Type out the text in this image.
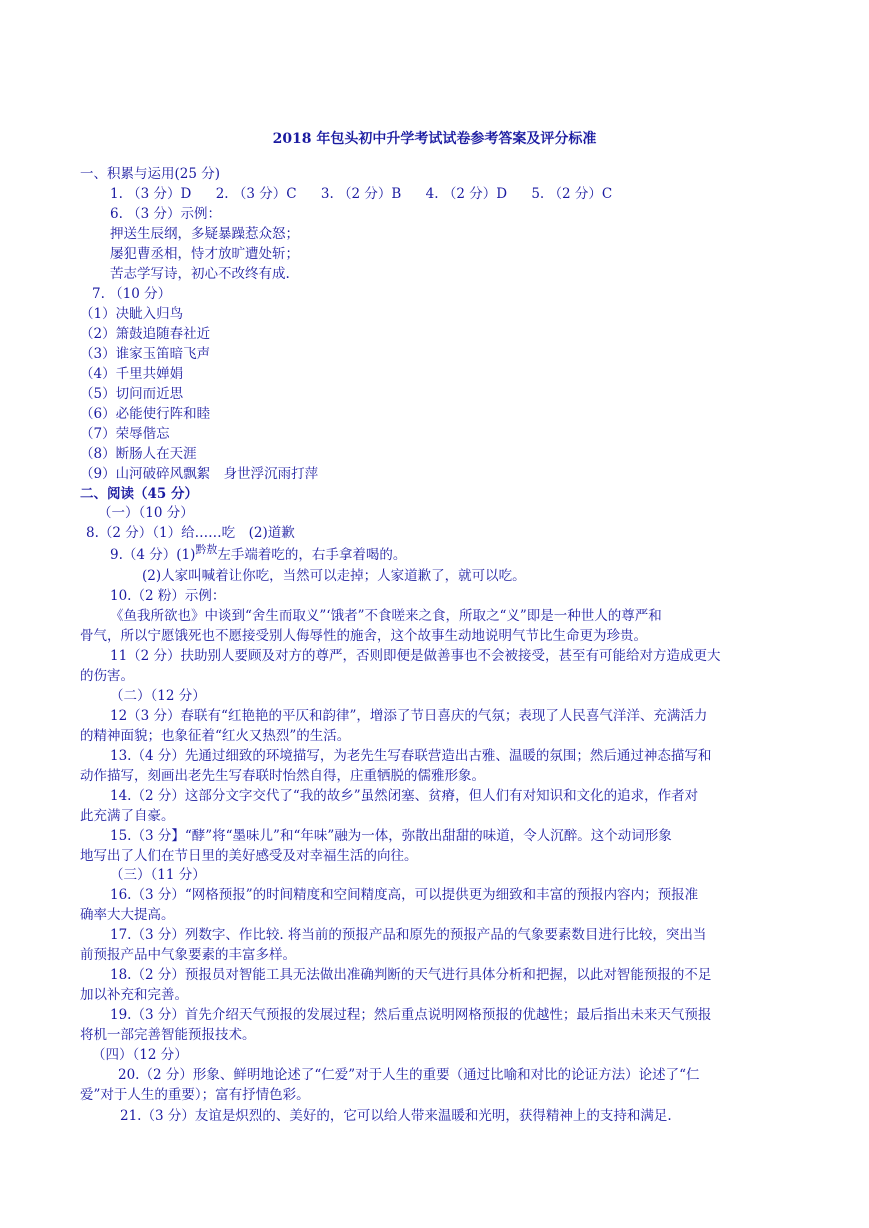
2018 年包头初中升学考试试卷参考答案及评分标准
一、积累与运用(25 分)
1. （3 分）D 2. （3 分）C 3. （2 分）B 4. （2 分）D 5. （2 分）C
6. （3 分）示例：
押送生辰纲，多疑暴躁惹众怒；
屡犯曹丞相，恃才放旷遭处斩；
苦志学写诗，初心不改终有成.
7. （10 分）
（1）决眦入归鸟
（2）箫鼓追随春社近
（3）谁家玉笛暗飞声
（4）千里共婵娟
（5）切问而近思
（6）必能使行阵和睦
（7）荣辱偕忘
（8）断肠人在天涯
（9）山河破碎风飘絮　身世浮沉雨打萍
二、阅读（45 分）
（一）（10 分）
8.（2 分）（1）给……吃　(2)道歉
9.（4 分）$(1)^{黔敖}$左手端着吃的，右手拿着喝的。
(2)人家叫喊着让你吃，当然可以走掉；人家道歉了，就可以吃。
10.（2 粉）示例：
《鱼我所欲也》中谈到“舍生而取义”‘饿者”不食嗟来之食，所取之“义”即是一种世人的尊严和
骨气，所以宁愿饿死也不愿接受别人侮辱性的施舍，这个故事生动地说明气节比生命更为珍贵。
11（2 分）扶助别人要顾及对方的尊严，否则即便是做善事也不会被接受，甚至有可能给对方造成更大
的伤害。
（二）（12 分）
12（3 分）春联有“红艳艳的平仄和韵律”，增添了节日喜庆的气氛；表现了人民喜气洋洋、充满活力
的精神面貌；也象征着“红火又热烈”的生活。
13.（4 分）先通过细致的环境描写，为老先生写春联营造出古雅、温暖的氛围；然后通过神态描写和
动作描写，刻画出老先生写春联时怡然自得，庄重牺脱的儒雅形象。
14.（2 分）这部分文字交代了“我的故乡”虽然闭塞、贫瘠，但人们有对知识和文化的追求，作者对
此充满了自豪。
15.（3 分】“酵”将“墨味儿”和“年味”融为一体，弥散出甜甜的味道，令人沉醉。这个动词形象
地写出了人们在节日里的美好感受及对幸福生活的向往。
（三）（11 分）
16.（3 分）“网格预报”的时间精度和空间精度高，可以提供更为细致和丰富的预报内容内；预报准
确率大大提高。
17.（3 分）列数字、作比较. 将当前的预报产品和原先的预报产品的气象要素数目进行比较，突出当
前预报产品中气象要素的丰富多样。
18.（2 分）预报员对智能工具无法做出准确判断的天气进行具体分析和把握，以此对智能预报的不足
加以补充和完善。
19.（3 分）首先介绍天气预报的发展过程；然后重点说明网格预报的优越性；最后指出未来天气预报
将机一部完善智能预报技术。
（四）（12 分）
20.（2 分）形象、鲜明地论述了“仁爱”对于人生的重要（通过比喻和对比的论证方法）论述了“仁
爱”对于人生的重要）；富有抒情色彩。
21.（3 分）友谊是炽烈的、美好的，它可以给人带来温暖和光明，获得精神上的支持和满足.
